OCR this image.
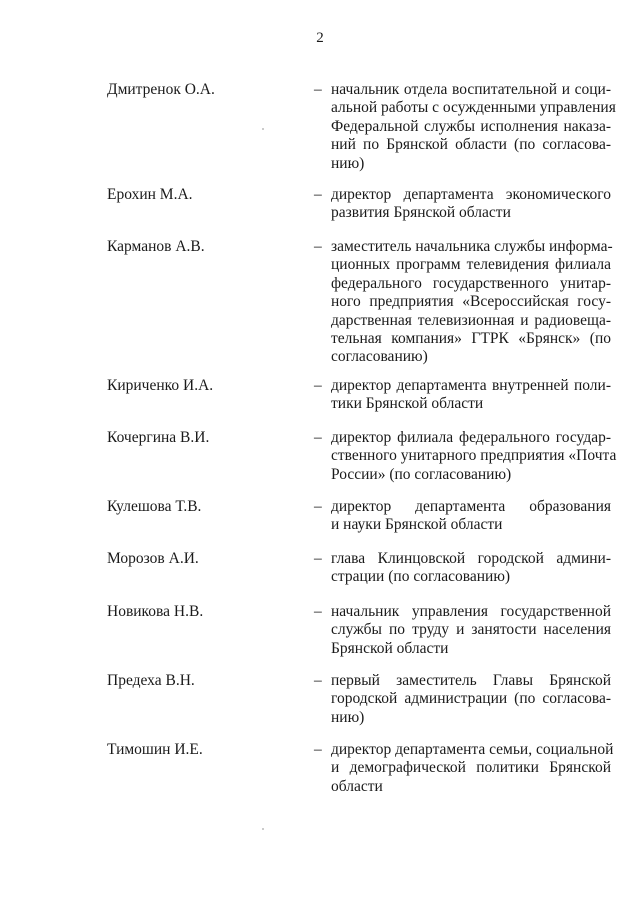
2
Дмитренок О.А.	– начальник отдела воспитательной и соци-
альной работы с осужденными управления
Федеральной службы исполнения наказа-
ний по Брянской области (по согласова-
нию)
Ерохин М.А.	– директор департамента экономического
развития Брянской области
Карманов А.В.	– заместитель начальника службы информа-
ционных программ телевидения филиала
федерального государственного унитар-
ного предприятия «Всероссийская госу-
дарственная телевизионная и радиовеща-
тельная компания» ГТРК «Брянск» (по
согласованию)
Кириченко И.А.	– директор департамента внутренней поли-
тики Брянской области
Кочергина В.И.	– директор филиала федерального государ-
ственного унитарного предприятия «Почта
России» (по согласованию)
Кулешова Т.В.	– директор департамента образования
и науки Брянской области
Морозов А.И.	– глава Клинцовской городской админи-
страции (по согласованию)
Новикова Н.В.	– начальник управления государственной
службы по труду и занятости населения
Брянской области
Предеха В.Н.	– первый заместитель Главы Брянской
городской администрации (по согласова-
нию)
Тимошин И.Е.	– директор департамента семьи, социальной
и демографической политики Брянской
области
